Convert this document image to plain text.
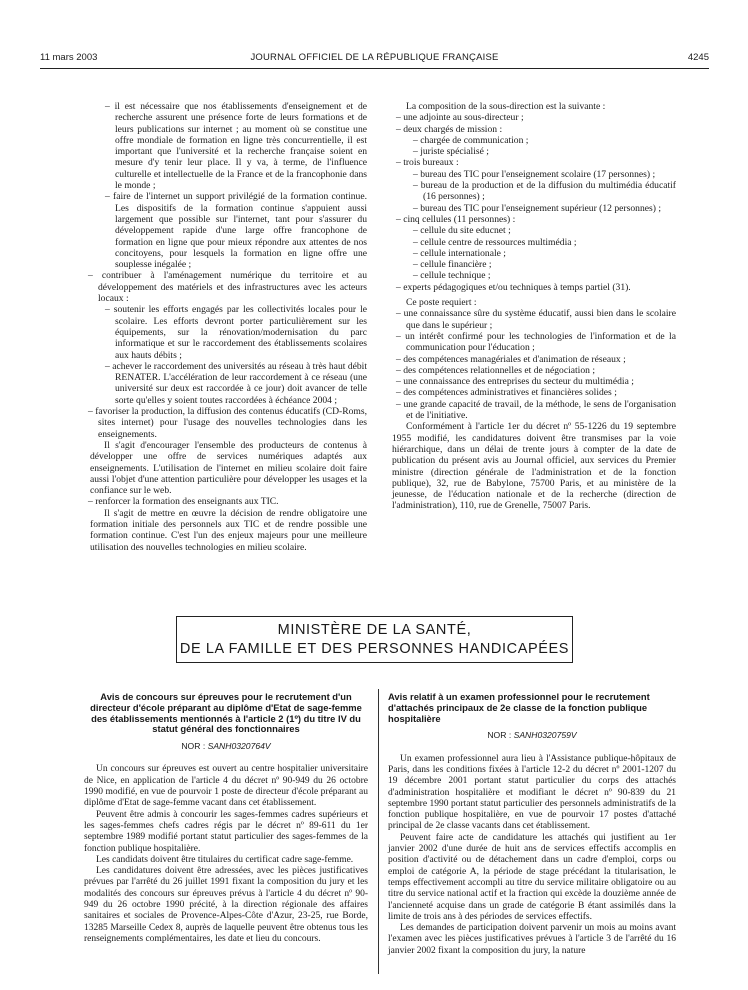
11 mars 2003	JOURNAL OFFICIEL DE LA RÉPUBLIQUE FRANÇAISE	4245

– il est nécessaire que nos établissements d'enseignement et de recherche assurent une présence forte de leurs formations et de leurs publications sur internet ; au moment où se constitue une offre mondiale de formation en ligne très concurrentielle, il est important que l'université et la recherche française soient en mesure d'y tenir leur place. Il y va, à terme, de l'influence culturelle et intellectuelle de la France et de la francophonie dans le monde ;

– faire de l'internet un support privilégié de la formation continue. Les dispositifs de la formation continue s'appuient aussi largement que possible sur l'internet, tant pour s'assurer du développement rapide d'une large offre francophone de formation en ligne que pour mieux répondre aux attentes de nos concitoyens, pour lesquels la formation en ligne offre une souplesse inégalée ;

– contribuer à l'aménagement numérique du territoire et au développement des matériels et des infrastructures avec les acteurs locaux :

– soutenir les efforts engagés par les collectivités locales pour le scolaire. Les efforts devront porter particulièrement sur les équipements, sur la rénovation/modernisation du parc informatique et sur le raccordement des établissements scolaires aux hauts débits ;

– achever le raccordement des universités au réseau à très haut débit RENATER. L'accélération de leur raccordement à ce réseau (une université sur deux est raccordée à ce jour) doit avancer de telle sorte qu'elles y soient toutes raccordées à échéance 2004 ;

– favoriser la production, la diffusion des contenus éducatifs (CD-Roms, sites internet) pour l'usage des nouvelles technologies dans les enseignements.

Il s'agit d'encourager l'ensemble des producteurs de contenus à développer une offre de services numériques adaptés aux enseignements. L'utilisation de l'internet en milieu scolaire doit faire aussi l'objet d'une attention particulière pour développer les usages et la confiance sur le web.

– renforcer la formation des enseignants aux TIC.

Il s'agit de mettre en œuvre la décision de rendre obligatoire une formation initiale des personnels aux TIC et de rendre possible une formation continue. C'est l'un des enjeux majeurs pour une meilleure utilisation des nouvelles technologies en milieu scolaire.

La composition de la sous-direction est la suivante :

– une adjointe au sous-directeur ;

– deux chargés de mission :

– chargée de communication ;

– juriste spécialisé ;

– trois bureaux :

– bureau des TIC pour l'enseignement scolaire (17 personnes) ;

– bureau de la production et de la diffusion du multimédia éducatif (16 personnes) ;

– bureau des TIC pour l'enseignement supérieur (12 personnes) ;

– cinq cellules (11 personnes) :

– cellule du site educnet ;

– cellule centre de ressources multimédia ;

– cellule internationale ;

– cellule financière ;

– cellule technique ;

– experts pédagogiques et/ou techniques à temps partiel (31).

Ce poste requiert :

– une connaissance sûre du système éducatif, aussi bien dans le scolaire que dans le supérieur ;

– un intérêt confirmé pour les technologies de l'information et de la communication pour l'éducation ;

– des compétences managériales et d'animation de réseaux ;

– des compétences relationnelles et de négociation ;

– une connaissance des entreprises du secteur du multimédia ;

– des compétences administratives et financières solides ;

– une grande capacité de travail, de la méthode, le sens de l'organisation et de l'initiative.

Conformément à l'article 1er du décret nº 55-1226 du 19 septembre 1955 modifié, les candidatures doivent être transmises par la voie hiérarchique, dans un délai de trente jours à compter de la date de publication du présent avis au Journal officiel, aux services du Premier ministre (direction générale de l'administration et de la fonction publique), 32, rue de Babylone, 75700 Paris, et au ministère de la jeunesse, de l'éducation nationale et de la recherche (direction de l'administration), 110, rue de Grenelle, 75007 Paris.

MINISTÈRE DE LA SANTÉ,
DE LA FAMILLE ET DES PERSONNES HANDICAPÉES
Avis de concours sur épreuves pour le recrutement d'un directeur d'école préparant au diplôme d'Etat de sage-femme des établissements mentionnés à l'article 2 (1º) du titre IV du statut général des fonctionnaires
NOR : SANH0320764V

Un concours sur épreuves est ouvert au centre hospitalier universitaire de Nice, en application de l'article 4 du décret nº 90-949 du 26 octobre 1990 modifié, en vue de pourvoir 1 poste de directeur d'école préparant au diplôme d'Etat de sage-femme vacant dans cet établissement.

Peuvent être admis à concourir les sages-femmes cadres supérieurs et les sages-femmes chefs cadres régis par le décret nº 89-611 du 1er septembre 1989 modifié portant statut particulier des sages-femmes de la fonction publique hospitalière.

Les candidats doivent être titulaires du certificat cadre sage-femme.

Les candidatures doivent être adressées, avec les pièces justificatives prévues par l'arrêté du 26 juillet 1991 fixant la composition du jury et les modalités des concours sur épreuves prévus à l'article 4 du décret nº 90-949 du 26 octobre 1990 précité, à la direction régionale des affaires sanitaires et sociales de Provence-Alpes-Côte d'Azur, 23-25, rue Borde, 13285 Marseille Cedex 8, auprès de laquelle peuvent être obtenus tous les renseignements complémentaires, les date et lieu du concours.

Avis relatif à un examen professionnel pour le recrutement d'attachés principaux de 2e classe de la fonction publique hospitalière
NOR : SANH0320759V

Un examen professionnel aura lieu à l'Assistance publique-hôpitaux de Paris, dans les conditions fixées à l'article 12-2 du décret nº 2001-1207 du 19 décembre 2001 portant statut particulier du corps des attachés d'administration hospitalière et modifiant le décret nº 90-839 du 21 septembre 1990 portant statut particulier des personnels administratifs de la fonction publique hospitalière, en vue de pourvoir 17 postes d'attaché principal de 2e classe vacants dans cet établissement.

Peuvent faire acte de candidature les attachés qui justifient au 1er janvier 2002 d'une durée de huit ans de services effectifs accomplis en position d'activité ou de détachement dans un cadre d'emploi, corps ou emploi de catégorie A, la période de stage précédant la titularisation, le temps effectivement accompli au titre du service militaire obligatoire ou au titre du service national actif et la fraction qui excède la douzième année de l'ancienneté acquise dans un grade de catégorie B étant assimilés dans la limite de trois ans à des périodes de services effectifs.

Les demandes de participation doivent parvenir un mois au moins avant l'examen avec les pièces justificatives prévues à l'article 3 de l'arrêté du 16 janvier 2002 fixant la composition du jury, la nature
